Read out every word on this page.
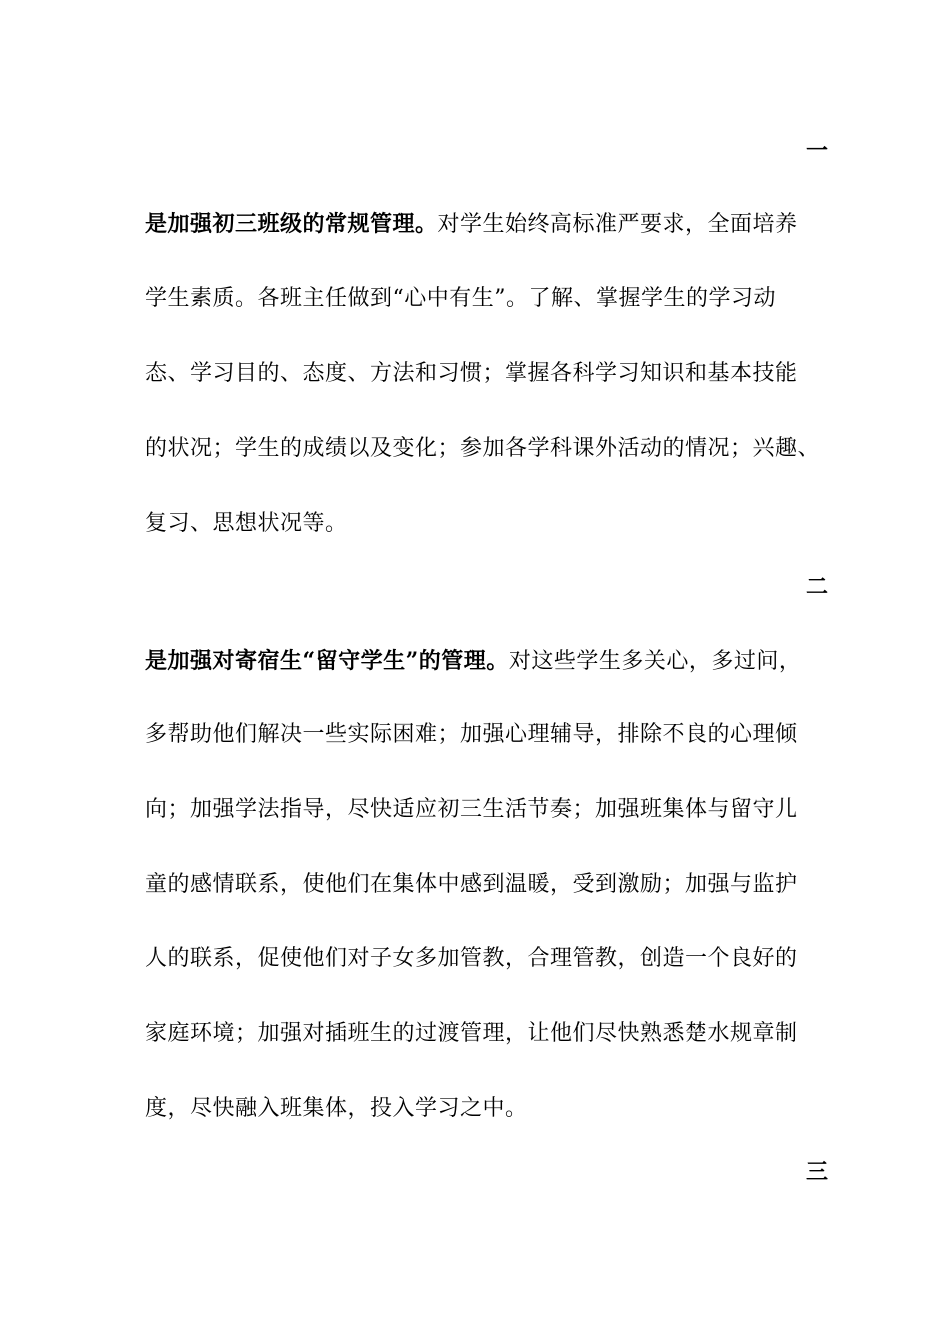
一
是加强初三班级的常规管理。对学生始终高标准严要求，全面培养
学生素质。各班主任做到“心中有生”。了解、掌握学生的学习动
态、学习目的、态度、方法和习惯；掌握各科学习知识和基本技能
的状况；学生的成绩以及变化；参加各学科课外活动的情况；兴趣、
复习、思想状况等。
二
是加强对寄宿生“留守学生”的管理。对这些学生多关心，多过问，
多帮助他们解决一些实际困难；加强心理辅导，排除不良的心理倾
向；加强学法指导，尽快适应初三生活节奏；加强班集体与留守儿
童的感情联系，使他们在集体中感到温暖，受到激励；加强与监护
人的联系，促使他们对子女多加管教，合理管教，创造一个良好的
家庭环境；加强对插班生的过渡管理，让他们尽快熟悉楚水规章制
度，尽快融入班集体，投入学习之中。
三
